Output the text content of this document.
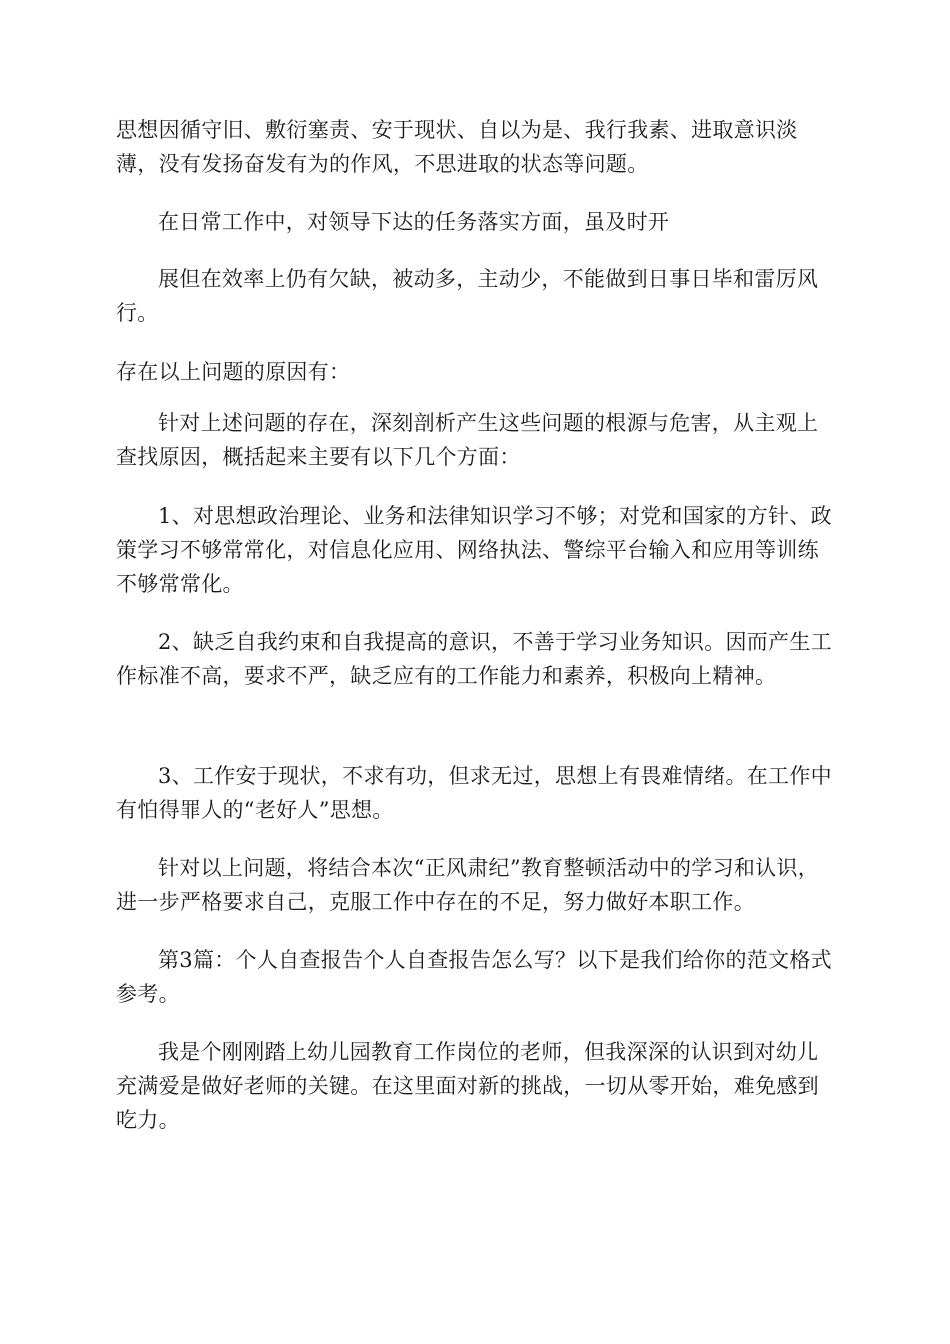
思想因循守旧、敷衍塞责、安于现状、自以为是、我行我素、进取意识淡薄，没有发扬奋发有为的作风，不思进取的状态等问题。

在日常工作中，对领导下达的任务落实方面，虽及时开

展但在效率上仍有欠缺，被动多，主动少，不能做到日事日毕和雷厉风行。

存在以上问题的原因有：

针对上述问题的存在，深刻剖析产生这些问题的根源与危害，从主观上查找原因，概括起来主要有以下几个方面：

1、对思想政治理论、业务和法律知识学习不够；对党和国家的方针、政策学习不够常常化，对信息化应用、网络执法、警综平台输入和应用等训练不够常常化。

2、缺乏自我约束和自我提高的意识，不善于学习业务知识。因而产生工作标准不高，要求不严，缺乏应有的工作能力和素养，积极向上精神。

3、工作安于现状，不求有功，但求无过，思想上有畏难情绪。在工作中有怕得罪人的“老好人”思想。

针对以上问题，将结合本次“正风肃纪”教育整顿活动中的学习和认识，进一步严格要求自己，克服工作中存在的不足，努力做好本职工作。

第3篇：个人自查报告个人自查报告怎么写？以下是我们给你的范文格式参考。

我是个刚刚踏上幼儿园教育工作岗位的老师，但我深深的认识到对幼儿充满爱是做好老师的关键。在这里面对新的挑战，一切从零开始，难免感到吃力。
